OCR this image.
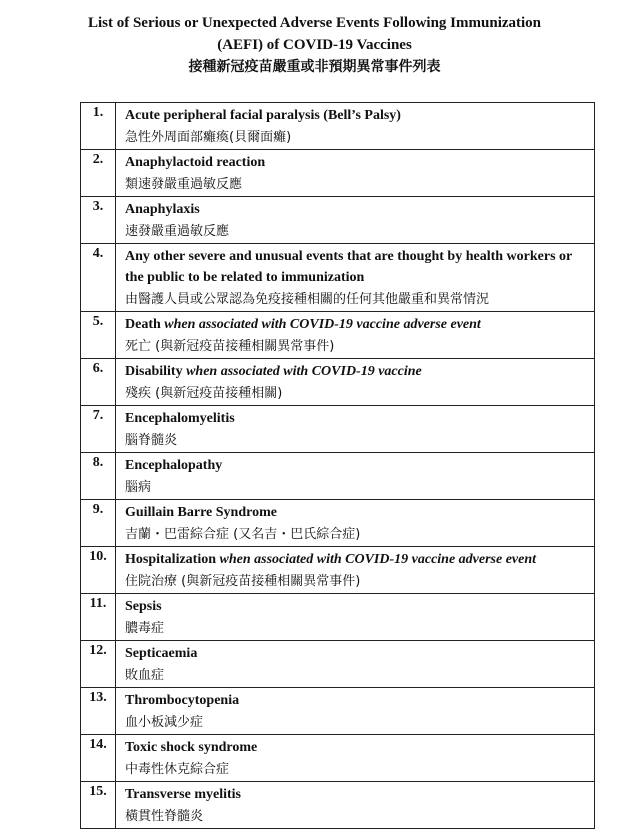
List of Serious or Unexpected Adverse Events Following Immunization
(AEFI) of COVID-19 Vaccines
接種新冠疫苗嚴重或非預期異常事件列表
1.	Acute peripheral facial paralysis (Bell’s Palsy)
急性外周面部癱瘓(貝爾面癱)

2.	Anaphylactoid reaction
類速發嚴重過敏反應

3.	Anaphylaxis
速發嚴重過敏反應

4.	Any other severe and unusual events that are thought by health workers or the public to be related to immunization
由醫護人員或公眾認為免疫接種相關的任何其他嚴重和異常情況

5.	Death when associated with COVID-19 vaccine adverse event
死亡 (與新冠疫苗接種相關異常事件)

6.	Disability when associated with COVID-19 vaccine
殘疾 (與新冠疫苗接種相關)

7.	Encephalomyelitis
腦脊髓炎

8.	Encephalopathy
腦病

9.	Guillain Barre Syndrome
吉蘭・巴雷綜合症 (又名吉・巴氏綜合症)

10.	Hospitalization when associated with COVID-19 vaccine adverse event
住院治療 (與新冠疫苗接種相關異常事件)

11.	Sepsis
膿毒症

12.	Septicaemia
敗血症

13.	Thrombocytopenia
血小板減少症

14.	Toxic shock syndrome
中毒性休克綜合症

15.	Transverse myelitis
橫貫性脊髓炎
